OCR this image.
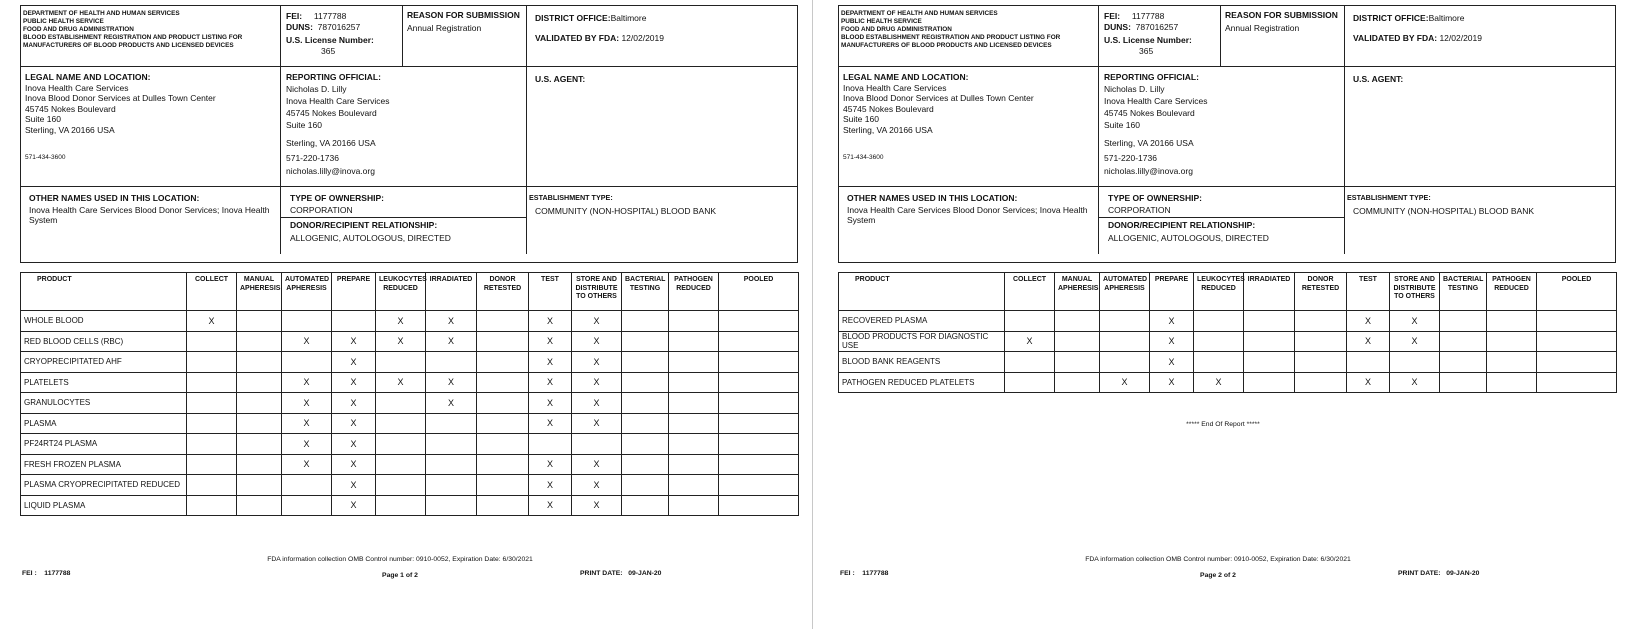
DEPARTMENT OF HEALTH AND HUMAN SERVICES
PUBLIC HEALTH SERVICE
FOOD AND DRUG ADMINISTRATION
BLOOD ESTABLISHMENT REGISTRATION AND PRODUCT LISTING FOR
MANUFACTURERS OF BLOOD PRODUCTS AND LICENSED DEVICES
FEI: 1177788
DUNS: 787016257
U.S. License Number:
365
REASON FOR SUBMISSION
Annual Registration
DISTRICT OFFICE:Baltimore
VALIDATED BY FDA: 12/02/2019
LEGAL NAME AND LOCATION:
Inova Health Care Services
Inova Blood Donor Services at Dulles Town Center
45745 Nokes Boulevard
Suite 160
Sterling, VA 20166 USA
571-434-3600
REPORTING OFFICIAL:
Nicholas D. Lilly
Inova Health Care Services
45745 Nokes Boulevard
Suite 160
Sterling, VA 20166 USA
571-220-1736
nicholas.lilly@inova.org
U.S. AGENT:
OTHER NAMES USED IN THIS LOCATION:
Inova Health Care Services Blood Donor Services; Inova Health System
TYPE OF OWNERSHIP:
CORPORATION
DONOR/RECIPIENT RELATIONSHIP:
ALLOGENIC, AUTOLOGOUS, DIRECTED
ESTABLISHMENT TYPE:
COMMUNITY (NON-HOSPITAL) BLOOD BANK
PRODUCT	COLLECT	MANUAL APHERESIS	AUTOMATED APHERESIS	PREPARE	LEUKOCYTES REDUCED	IRRADIATED	DONOR RETESTED	TEST	STORE AND DISTRIBUTE TO OTHERS	BACTERIAL TESTING	PATHOGEN REDUCED	POOLED
WHOLE BLOOD	X				X	X		X	X			
RED BLOOD CELLS (RBC)			X	X	X	X		X	X			
CRYOPRECIPITATED AHF				X				X	X			
PLATELETS			X	X	X	X		X	X			
GRANULOCYTES			X	X		X		X	X			
PLASMA			X	X				X	X			
PF24RT24 PLASMA			X	X								
FRESH FROZEN PLASMA			X	X				X	X			
PLASMA CRYOPRECIPITATED REDUCED				X				X	X			
LIQUID PLASMA				X				X	X			
FDA information collection OMB Control number: 0910-0052, Expiration Date: 6/30/2021
FEI : 1177788	Page 1 of 2	PRINT DATE: 09-JAN-20
DEPARTMENT OF HEALTH AND HUMAN SERVICES
PUBLIC HEALTH SERVICE
FOOD AND DRUG ADMINISTRATION
BLOOD ESTABLISHMENT REGISTRATION AND PRODUCT LISTING FOR
MANUFACTURERS OF BLOOD PRODUCTS AND LICENSED DEVICES
FEI: 1177788
DUNS: 787016257
U.S. License Number:
365
REASON FOR SUBMISSION
Annual Registration
DISTRICT OFFICE:Baltimore
VALIDATED BY FDA: 12/02/2019
LEGAL NAME AND LOCATION:
Inova Health Care Services
Inova Blood Donor Services at Dulles Town Center
45745 Nokes Boulevard
Suite 160
Sterling, VA 20166 USA
571-434-3600
REPORTING OFFICIAL:
Nicholas D. Lilly
Inova Health Care Services
45745 Nokes Boulevard
Suite 160
Sterling, VA 20166 USA
571-220-1736
nicholas.lilly@inova.org
U.S. AGENT:
OTHER NAMES USED IN THIS LOCATION:
Inova Health Care Services Blood Donor Services; Inova Health System
TYPE OF OWNERSHIP:
CORPORATION
DONOR/RECIPIENT RELATIONSHIP:
ALLOGENIC, AUTOLOGOUS, DIRECTED
ESTABLISHMENT TYPE:
COMMUNITY (NON-HOSPITAL) BLOOD BANK
PRODUCT	COLLECT	MANUAL APHERESIS	AUTOMATED APHERESIS	PREPARE	LEUKOCYTES REDUCED	IRRADIATED	DONOR RETESTED	TEST	STORE AND DISTRIBUTE TO OTHERS	BACTERIAL TESTING	PATHOGEN REDUCED	POOLED
RECOVERED PLASMA				X				X	X			
BLOOD PRODUCTS FOR DIAGNOSTIC USE	X			X				X	X			
BLOOD BANK REAGENTS				X								
PATHOGEN REDUCED PLATELETS			X	X	X			X	X			
FDA information collection OMB Control number: 0910-0052, Expiration Date: 6/30/2021
FEI : 1177788	Page 2 of 2	PRINT DATE: 09-JAN-20
***** End Of Report *****
